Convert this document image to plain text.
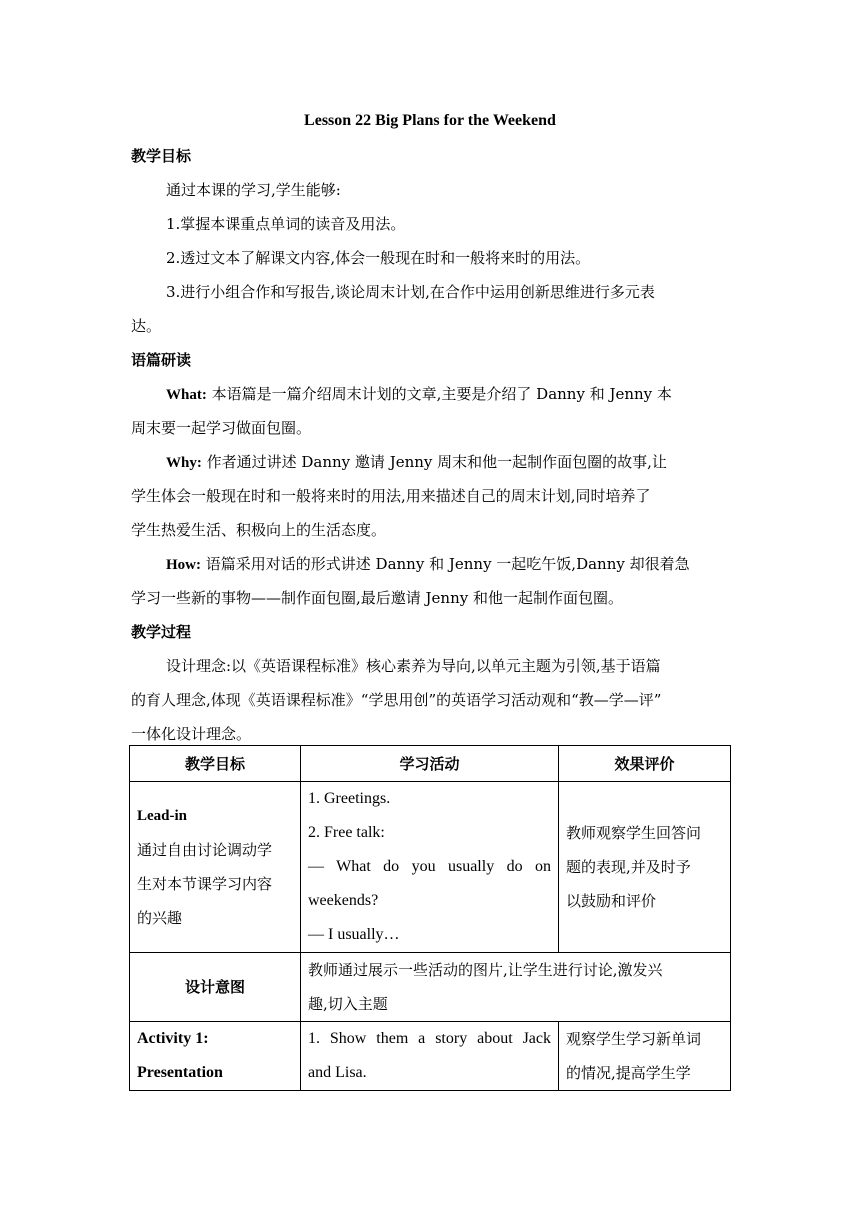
Lesson 22 Big Plans for the Weekend
教学目标
通过本课的学习,学生能够:
1.掌握本课重点单词的读音及用法。
2.透过文本了解课文内容,体会一般现在时和一般将来时的用法。
3.进行小组合作和写报告,谈论周末计划,在合作中运用创新思维进行多元表
达。
语篇研读
What: 本语篇是一篇介绍周末计划的文章,主要是介绍了 Danny 和 Jenny 本
周末要一起学习做面包圈。
Why: 作者通过讲述 Danny 邀请 Jenny 周末和他一起制作面包圈的故事,让
学生体会一般现在时和一般将来时的用法,用来描述自己的周末计划,同时培养了
学生热爱生活、积极向上的生活态度。
How: 语篇采用对话的形式讲述 Danny 和 Jenny 一起吃午饭,Danny 却很着急
学习一些新的事物——制作面包圈,最后邀请 Jenny 和他一起制作面包圈。
教学过程
设计理念:以《英语课程标准》核心素养为导向,以单元主题为引领,基于语篇
的育人理念,体现《英语课程标准》“学思用创”的英语学习活动观和“教—学—评”
一体化设计理念。
教学目标	学习活动	效果评价

Lead-in
通过自由讨论调动学
生对本节课学习内容
的兴趣	1. Greetings.
2. Free talk:
— What do you usually do on
weekends?
— I usually…	教师观察学生回答问
题的表现,并及时予
以鼓励和评价

设计意图	教师通过展示一些活动的图片,让学生进行讨论,激发兴
趣,切入主题	

Activity 1:
Presentation	1. Show them a story about Jack
and Lisa.	观察学生学习新单词
的情况,提高学生学
